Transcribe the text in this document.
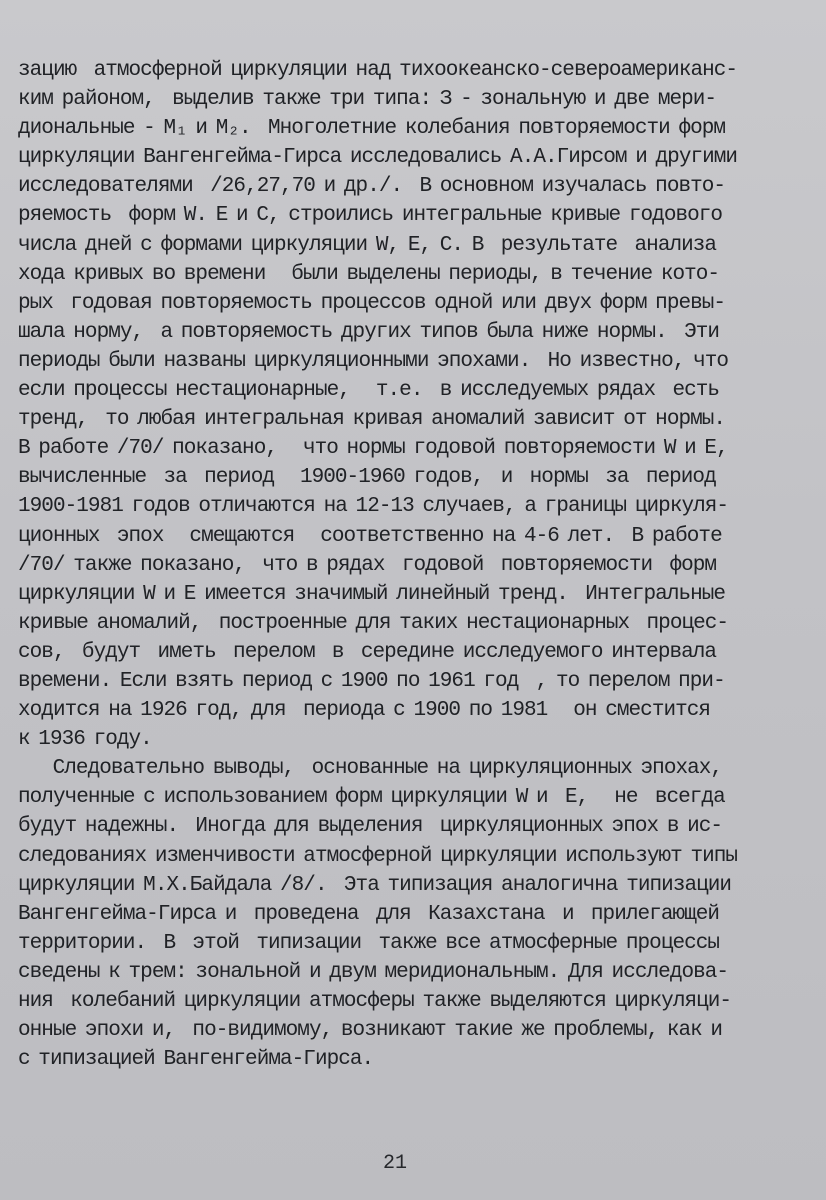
зацию  атмосферной циркуляции над тихоокеанско-североамериканс-
ким районом,  выделив также три типа: З - зональную и две мери-
диональные - M₁ и M₂.  Многолетние колебания повторяемости форм
циркуляции Вангенгейма-Гирса исследовались А.А.Гирсом и другими
исследователями  /26,27,70 и др./.  В основном изучалась повто-
ряемость  форм W. E и C, строились интегральные кривые годового
числа дней с формами циркуляции W, E, C. В  результате  анализа
хода кривых во времени   были выделены периоды, в течение кото-
рых  годовая повторяемость процессов одной или двух форм превы-
шала норму,  а повторяемость других типов была ниже нормы.  Эти
периоды были названы циркуляционными эпохами.  Но известно, что
если процессы нестационарные,   т.е.  в исследуемых рядах  есть
тренд,  то любая интегральная кривая аномалий зависит от нормы.
В работе /70/ показано,   что нормы годовой повторяемости W и E,
вычисленные  за  период   1900-1960 годов,  и  нормы  за  период
1900-1981 годов отличаются на 12-13 случаев, а границы циркуля-
ционных  эпох   смещаются   соответственно на 4-6 лет.  В работе
/70/ также показано,  что в рядах  годовой  повторяемости  форм
циркуляции W и E имеется значимый линейный тренд.  Интегральные
кривые аномалий,  построенные для таких нестационарных  процес-
сов,  будут  иметь  перелом  в  середине исследуемого интервала
времени. Если взять период с 1900 по 1961 год  , то перелом при-
ходится на 1926 год, для  периода с 1900 по 1981   он сместится
к 1936 году.
Следовательно выводы,  основанные на циркуляционных эпохах,
полученные с использованием форм циркуляции W и  E,   не  всегда
будут надежны.  Иногда для выделения  циркуляционных эпох в ис-
следованиях изменчивости атмосферной циркуляции используют типы
циркуляции М.Х.Байдала /8/.  Эта типизация аналогична типизации
Вангенгейма-Гирса и  проведена  для  Казахстана  и  прилегающей
территории.  В  этой  типизации  также все атмосферные процессы
сведены к трем: зональной и двум меридиональным. Для исследова-
ния  колебаний циркуляции атмосферы также выделяются циркуляци-
онные эпохи и,  по-видимому, возникают такие же проблемы, как и
с типизацией Вангенгейма-Гирса.
21
